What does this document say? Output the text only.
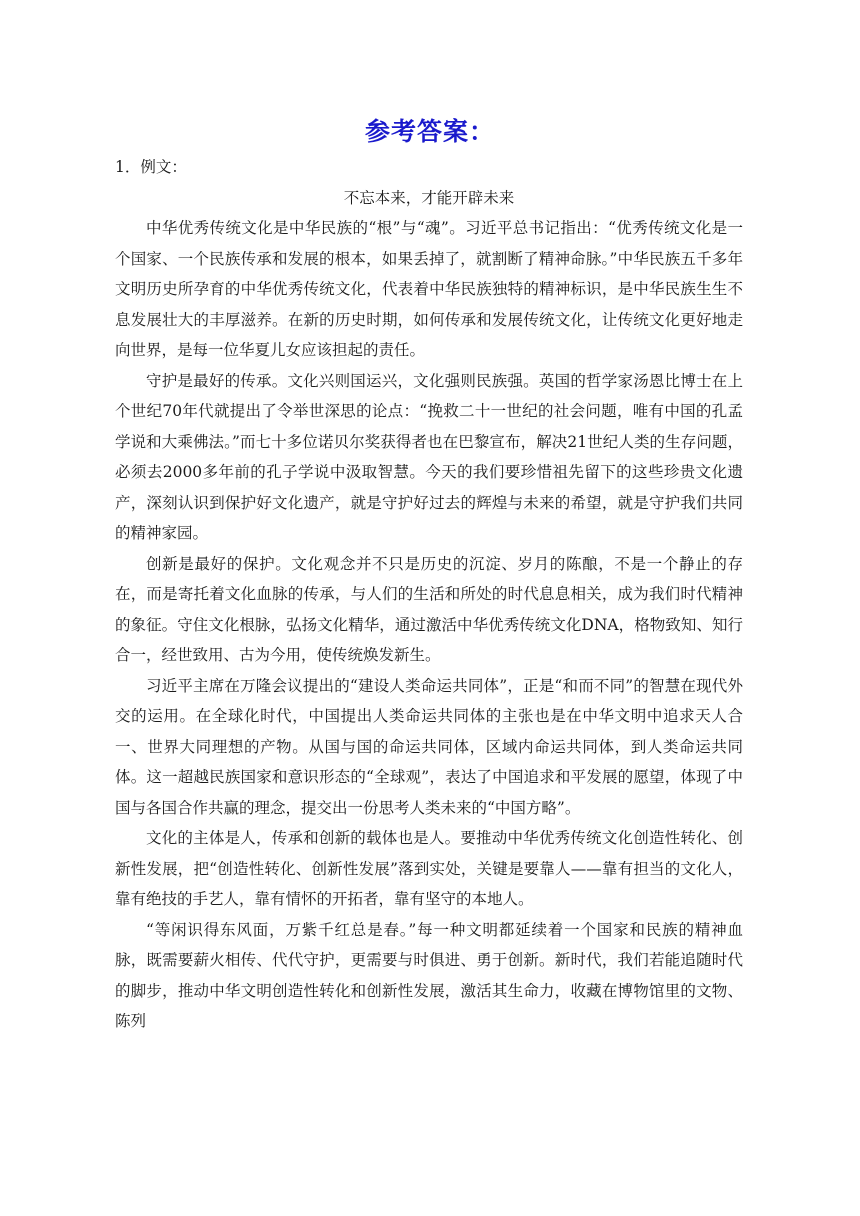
参考答案：

1．例文：

不忘本来，才能开辟未来

中华优秀传统文化是中华民族的“根”与“魂”。习近平总书记指出：“优秀传统文化是一个国家、一个民族传承和发展的根本，如果丢掉了，就割断了精神命脉。”中华民族五千多年文明历史所孕育的中华优秀传统文化，代表着中华民族独特的精神标识，是中华民族生生不息发展壮大的丰厚滋养。在新的历史时期，如何传承和发展传统文化，让传统文化更好地走向世界，是每一位华夏儿女应该担起的责任。

守护是最好的传承。文化兴则国运兴，文化强则民族强。英国的哲学家汤恩比博士在上个世纪70年代就提出了令举世深思的论点：“挽救二十一世纪的社会问题，唯有中国的孔孟学说和大乘佛法。”而七十多位诺贝尔奖获得者也在巴黎宣布，解决21世纪人类的生存问题，必须去2000多年前的孔子学说中汲取智慧。今天的我们要珍惜祖先留下的这些珍贵文化遗产，深刻认识到保护好文化遗产，就是守护好过去的辉煌与未来的希望，就是守护我们共同的精神家园。

创新是最好的保护。文化观念并不只是历史的沉淀、岁月的陈酿，不是一个静止的存在，而是寄托着文化血脉的传承，与人们的生活和所处的时代息息相关，成为我们时代精神的象征。守住文化根脉，弘扬文化精华，通过激活中华优秀传统文化DNA，格物致知、知行合一，经世致用、古为今用，使传统焕发新生。

习近平主席在万隆会议提出的“建设人类命运共同体”，正是“和而不同”的智慧在现代外交的运用。在全球化时代，中国提出人类命运共同体的主张也是在中华文明中追求天人合一、世界大同理想的产物。从国与国的命运共同体，区域内命运共同体，到人类命运共同体。这一超越民族国家和意识形态的“全球观”，表达了中国追求和平发展的愿望，体现了中国与各国合作共赢的理念，提交出一份思考人类未来的“中国方略”。

文化的主体是人，传承和创新的载体也是人。要推动中华优秀传统文化创造性转化、创新性发展，把“创造性转化、创新性发展”落到实处，关键是要靠人——靠有担当的文化人，靠有绝技的手艺人，靠有情怀的开拓者，靠有坚守的本地人。

“等闲识得东风面，万紫千红总是春。”每一种文明都延续着一个国家和民族的精神血脉，既需要薪火相传、代代守护，更需要与时俱进、勇于创新。新时代，我们若能追随时代的脚步，推动中华文明创造性转化和创新性发展，激活其生命力，收藏在博物馆里的文物、陈列
